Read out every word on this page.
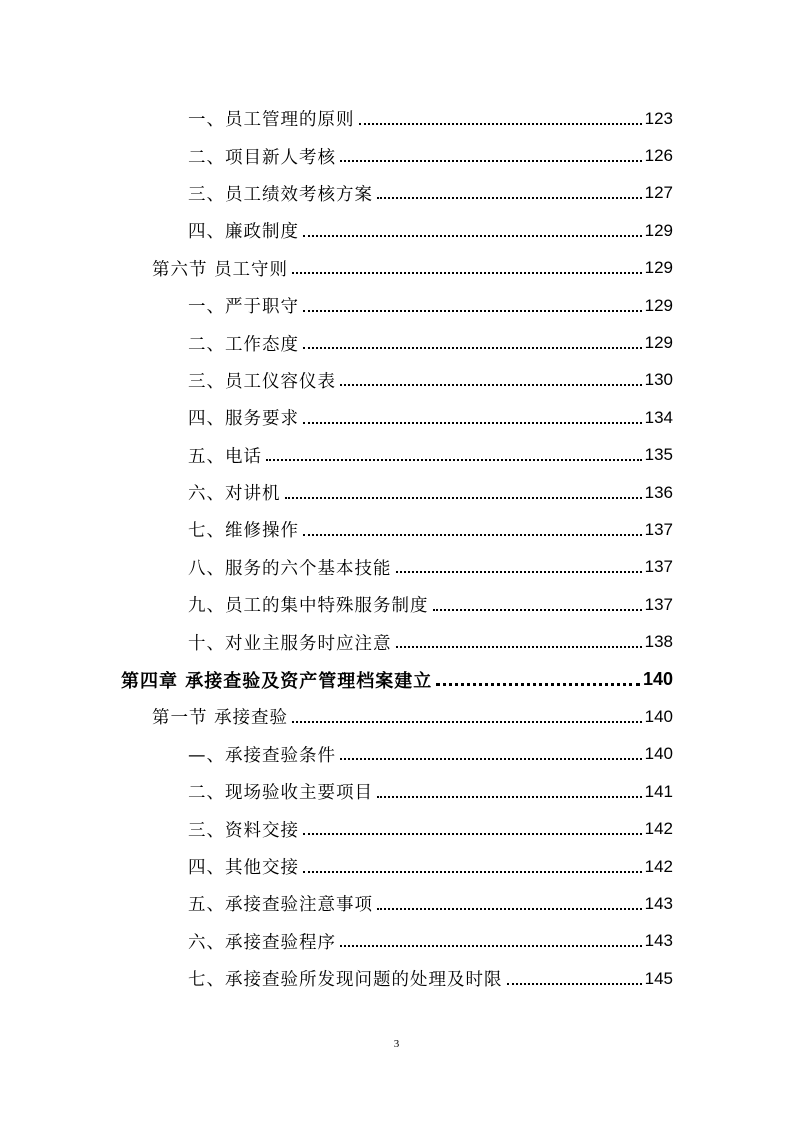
一、员工管理的原则	123
二、项目新人考核	126
三、员工绩效考核方案	127
四、廉政制度	129
第六节 员工守则	129
一、严于职守	129
二、工作态度	129
三、员工仪容仪表	130
四、服务要求	134
五、电话	135
六、对讲机	136
七、维修操作	137
八、服务的六个基本技能	137
九、员工的集中特殊服务制度	137
十、对业主服务时应注意	138
第四章 承接查验及资产管理档案建立	140
第一节 承接查验	140
—、承接查验条件	140
二、现场验收主要项目	141
三、资料交接	142
四、其他交接	142
五、承接查验注意事项	143
六、承接查验程序	143
七、承接查验所发现问题的处理及时限	145
3
